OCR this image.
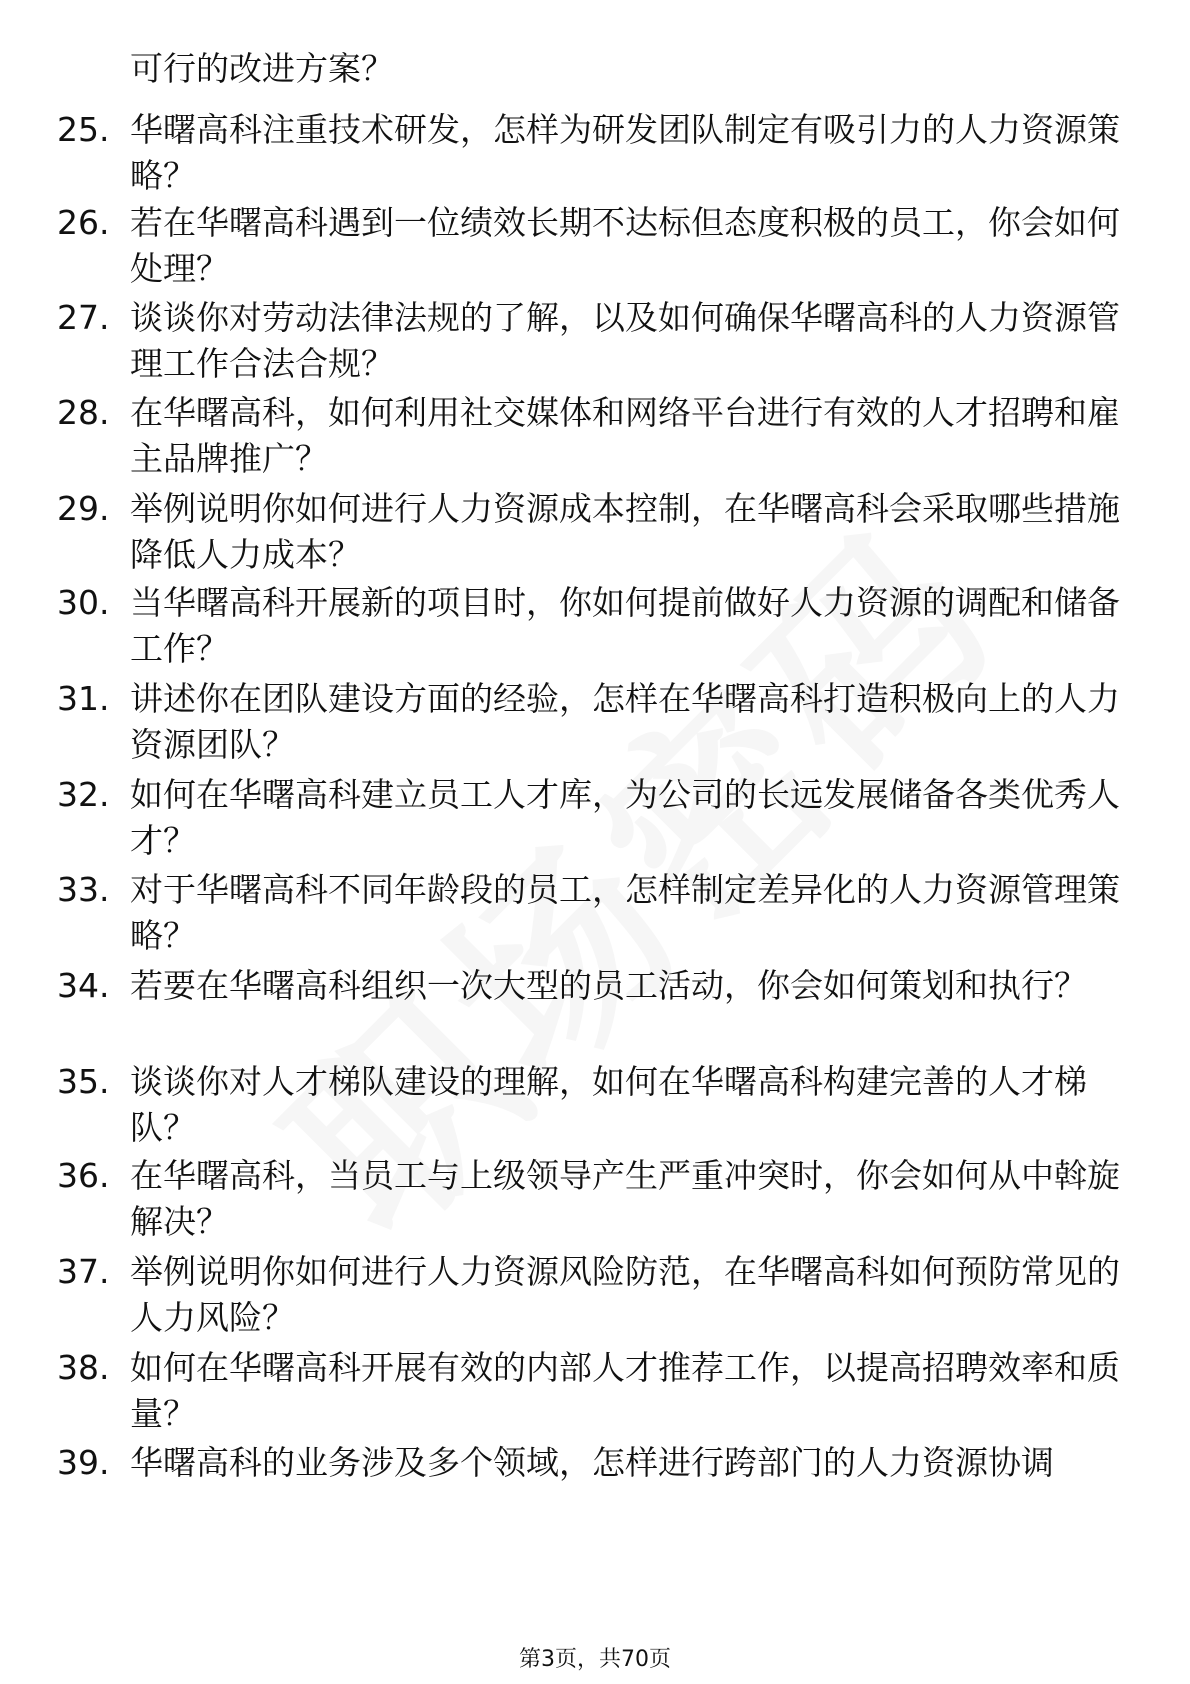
可行的改进方案？
25. 华曙高科注重技术研发，怎样为研发团队制定有吸引力的人力资源策略？
26. 若在华曙高科遇到一位绩效长期不达标但态度积极的员工，你会如何处理？
27. 谈谈你对劳动法律法规的了解，以及如何确保华曙高科的人力资源管理工作合法合规？
28. 在华曙高科，如何利用社交媒体和网络平台进行有效的人才招聘和雇主品牌推广？
29. 举例说明你如何进行人力资源成本控制，在华曙高科会采取哪些措施降低人力成本？
30. 当华曙高科开展新的项目时，你如何提前做好人力资源的调配和储备工作？
31. 讲述你在团队建设方面的经验，怎样在华曙高科打造积极向上的人力资源团队？
32. 如何在华曙高科建立员工人才库，为公司的长远发展储备各类优秀人才？
33. 对于华曙高科不同年龄段的员工，怎样制定差异化的人力资源管理策略？
34. 若要在华曙高科组织一次大型的员工活动，你会如何策划和执行？
35. 谈谈你对人才梯队建设的理解，如何在华曙高科构建完善的人才梯队？
36. 在华曙高科，当员工与上级领导产生严重冲突时，你会如何从中斡旋解决？
37. 举例说明你如何进行人力资源风险防范，在华曙高科如何预防常见的人力风险？
38. 如何在华曙高科开展有效的内部人才推荐工作，以提高招聘效率和质量？
39. 华曙高科的业务涉及多个领域，怎样进行跨部门的人力资源协调
第3页，共70页
